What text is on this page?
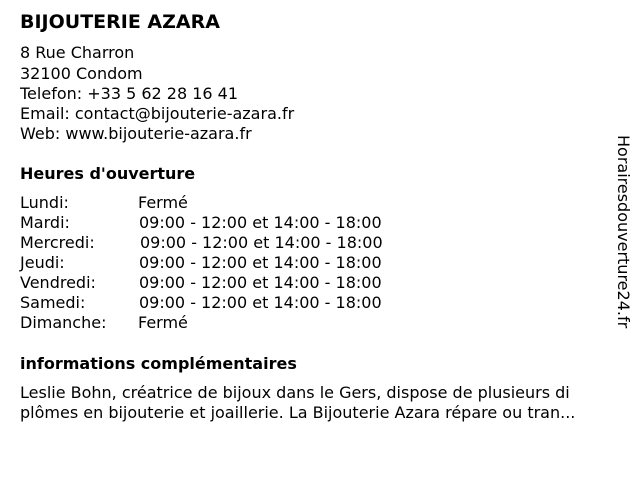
BIJOUTERIE AZARA
8 Rue Charron
32100 Condom
Telefon: +33 5 62 28 16 41
Email: contact@bijouterie-azara.fr
Web: www.bijouterie-azara.fr
Heures d'ouverture
Lundi:	Fermé
Mardi:	09:00 - 12:00 et 14:00 - 18:00
Mercredi:	09:00 - 12:00 et 14:00 - 18:00
Jeudi:	09:00 - 12:00 et 14:00 - 18:00
Vendredi:	09:00 - 12:00 et 14:00 - 18:00
Samedi:	09:00 - 12:00 et 14:00 - 18:00
Dimanche: Fermé
informations complémentaires
Leslie Bohn, créatrice de bijoux dans le Gers, dispose de plusieurs di
plômes en bijouterie et joaillerie. La Bijouterie Azara répare ou tran...
Horairesdouverture24.fr
